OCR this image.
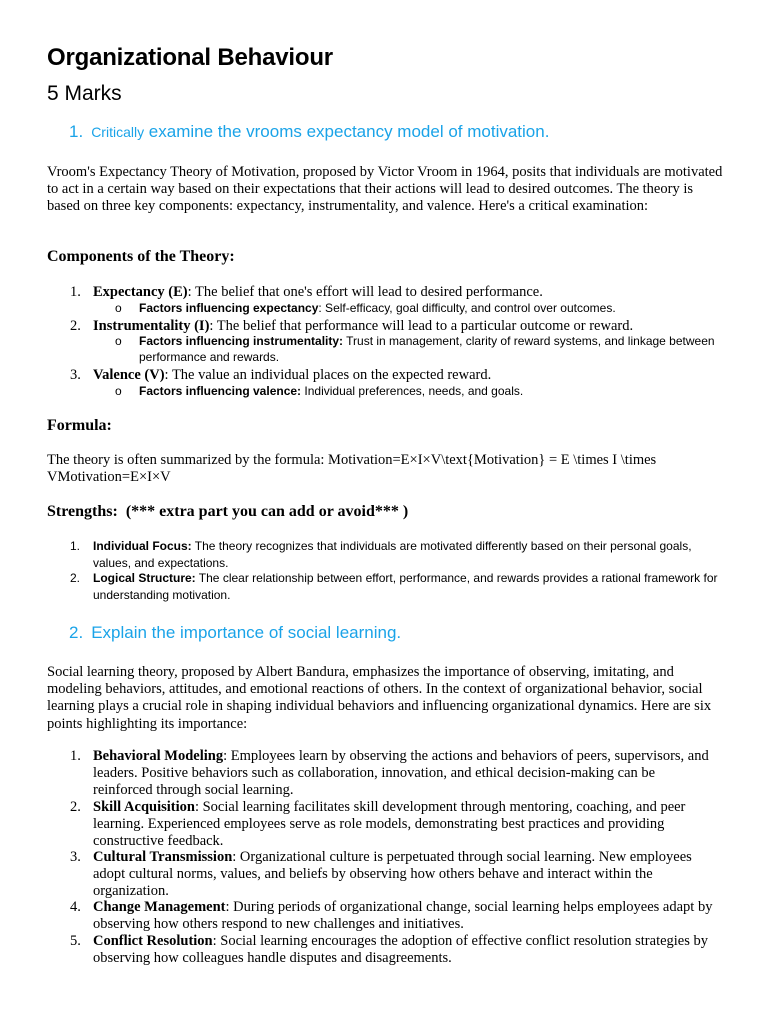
Organizational Behaviour
5 Marks
1. Critically examine the vrooms expectancy model of motivation.
Vroom's Expectancy Theory of Motivation, proposed by Victor Vroom in 1964, posits that individuals are motivated to act in a certain way based on their expectations that their actions will lead to desired outcomes. The theory is based on three key components: expectancy, instrumentality, and valence. Here's a critical examination:
Components of the Theory:
1. Expectancy (E): The belief that one's effort will lead to desired performance.
o Factors influencing expectancy: Self-efficacy, goal difficulty, and control over outcomes.
2. Instrumentality (I): The belief that performance will lead to a particular outcome or reward.
o Factors influencing instrumentality: Trust in management, clarity of reward systems, and linkage between performance and rewards.
3. Valence (V): The value an individual places on the expected reward.
o Factors influencing valence: Individual preferences, needs, and goals.
Formula:
The theory is often summarized by the formula: Motivation=E×I×V\text{Motivation} = E \times I \times VMotivation=E×I×V
Strengths:  (*** extra part you can add or avoid*** )
1. Individual Focus: The theory recognizes that individuals are motivated differently based on their personal goals, values, and expectations.
2. Logical Structure: The clear relationship between effort, performance, and rewards provides a rational framework for understanding motivation.
2. Explain the importance of social learning.
Social learning theory, proposed by Albert Bandura, emphasizes the importance of observing, imitating, and modeling behaviors, attitudes, and emotional reactions of others. In the context of organizational behavior, social learning plays a crucial role in shaping individual behaviors and influencing organizational dynamics. Here are six points highlighting its importance:
1. Behavioral Modeling: Employees learn by observing the actions and behaviors of peers, supervisors, and leaders. Positive behaviors such as collaboration, innovation, and ethical decision-making can be reinforced through social learning.
2. Skill Acquisition: Social learning facilitates skill development through mentoring, coaching, and peer learning. Experienced employees serve as role models, demonstrating best practices and providing constructive feedback.
3. Cultural Transmission: Organizational culture is perpetuated through social learning. New employees adopt cultural norms, values, and beliefs by observing how others behave and interact within the organization.
4. Change Management: During periods of organizational change, social learning helps employees adapt by observing how others respond to new challenges and initiatives.
5. Conflict Resolution: Social learning encourages the adoption of effective conflict resolution strategies by observing how colleagues handle disputes and disagreements.
